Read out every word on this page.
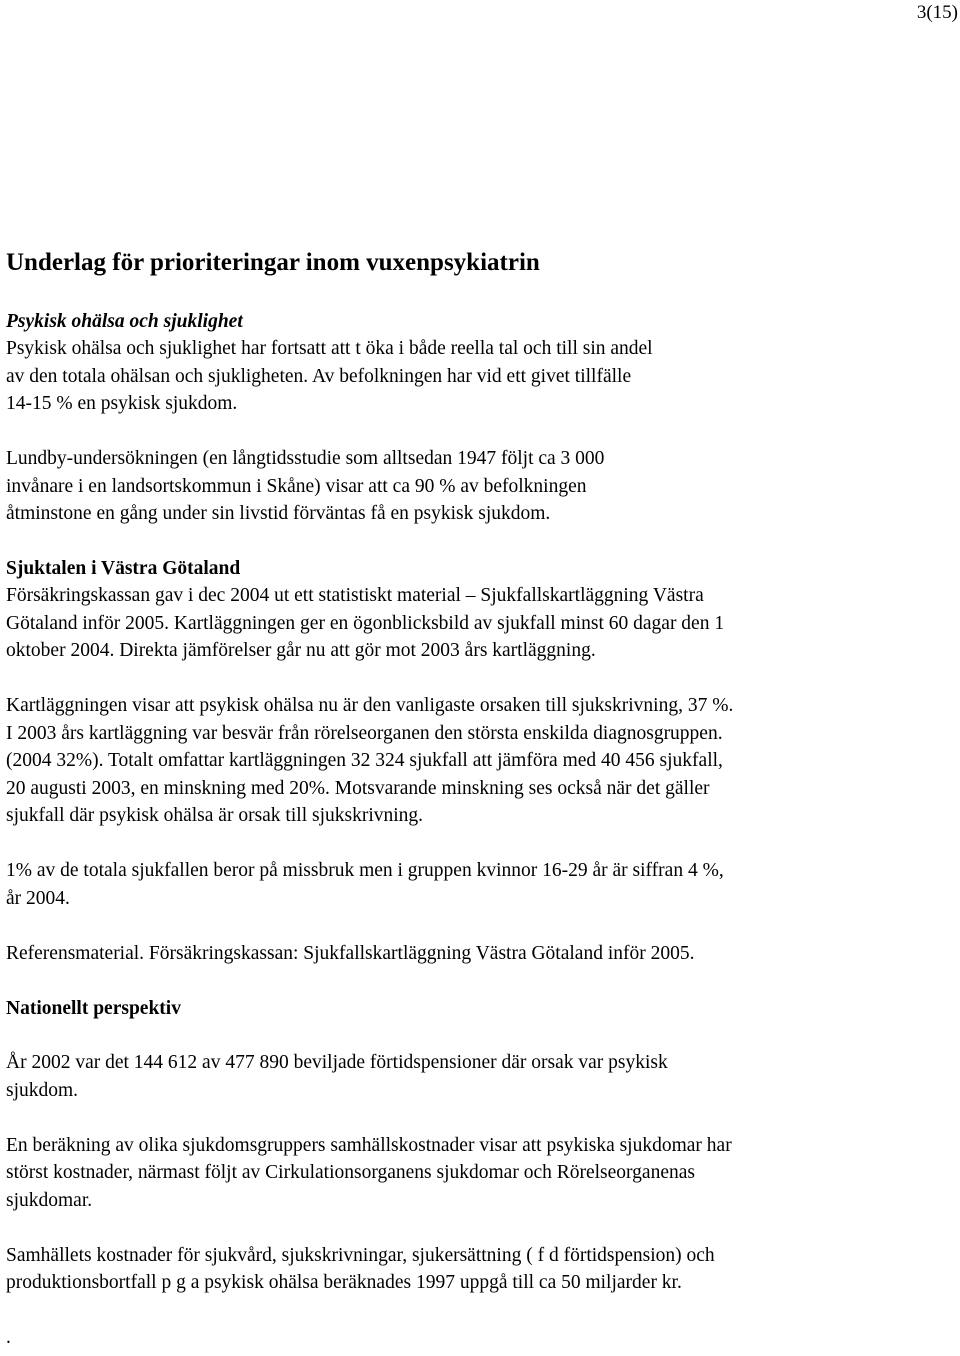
3(15)
Underlag för prioriteringar inom vuxenpsykiatrin

Psykisk ohälsa och sjuklighet

Psykisk ohälsa och sjuklighet har fortsatt att t öka i både reella tal och till sin andel
av den totala ohälsan och sjukligheten. Av befolkningen har vid ett givet tillfälle
14-15 % en psykisk sjukdom.

Lundby-undersökningen (en långtidsstudie som alltsedan 1947 följt ca 3 000
invånare i en landsortskommun i Skåne) visar att ca 90 % av befolkningen
åtminstone en gång under sin livstid förväntas få en psykisk sjukdom.

Sjuktalen i Västra Götaland

Försäkringskassan gav i dec 2004 ut ett statistiskt material – Sjukfallskartläggning Västra
Götaland inför 2005. Kartläggningen ger en ögonblicksbild av sjukfall minst 60 dagar den 1
oktober 2004. Direkta jämförelser går nu att gör mot 2003 års kartläggning.

Kartläggningen visar att psykisk ohälsa nu är den vanligaste orsaken till sjukskrivning, 37 %.
I 2003 års kartläggning var besvär från rörelseorganen den största enskilda diagnosgruppen.
(2004 32%). Totalt omfattar kartläggningen 32 324 sjukfall att jämföra med 40 456 sjukfall,
20 augusti 2003, en minskning med 20%. Motsvarande minskning ses också när det gäller
sjukfall där psykisk ohälsa är orsak till sjukskrivning.

1% av de totala sjukfallen beror på missbruk men i gruppen kvinnor 16-29 år är siffran 4 %,
år 2004.

Referensmaterial. Försäkringskassan: Sjukfallskartläggning Västra Götaland inför 2005.

Nationellt perspektiv

År 2002 var det 144 612 av 477 890 beviljade förtidspensioner där orsak var psykisk
sjukdom.

En beräkning av olika sjukdomsgruppers samhällskostnader visar att psykiska sjukdomar har
störst kostnader, närmast följt av Cirkulationsorganens sjukdomar och Rörelseorganenas
sjukdomar.

Samhällets kostnader för sjukvård, sjukskrivningar, sjukersättning ( f d förtidspension) och
produktionsbortfall p g a psykisk ohälsa beräknades 1997 uppgå till ca 50 miljarder kr.

.
